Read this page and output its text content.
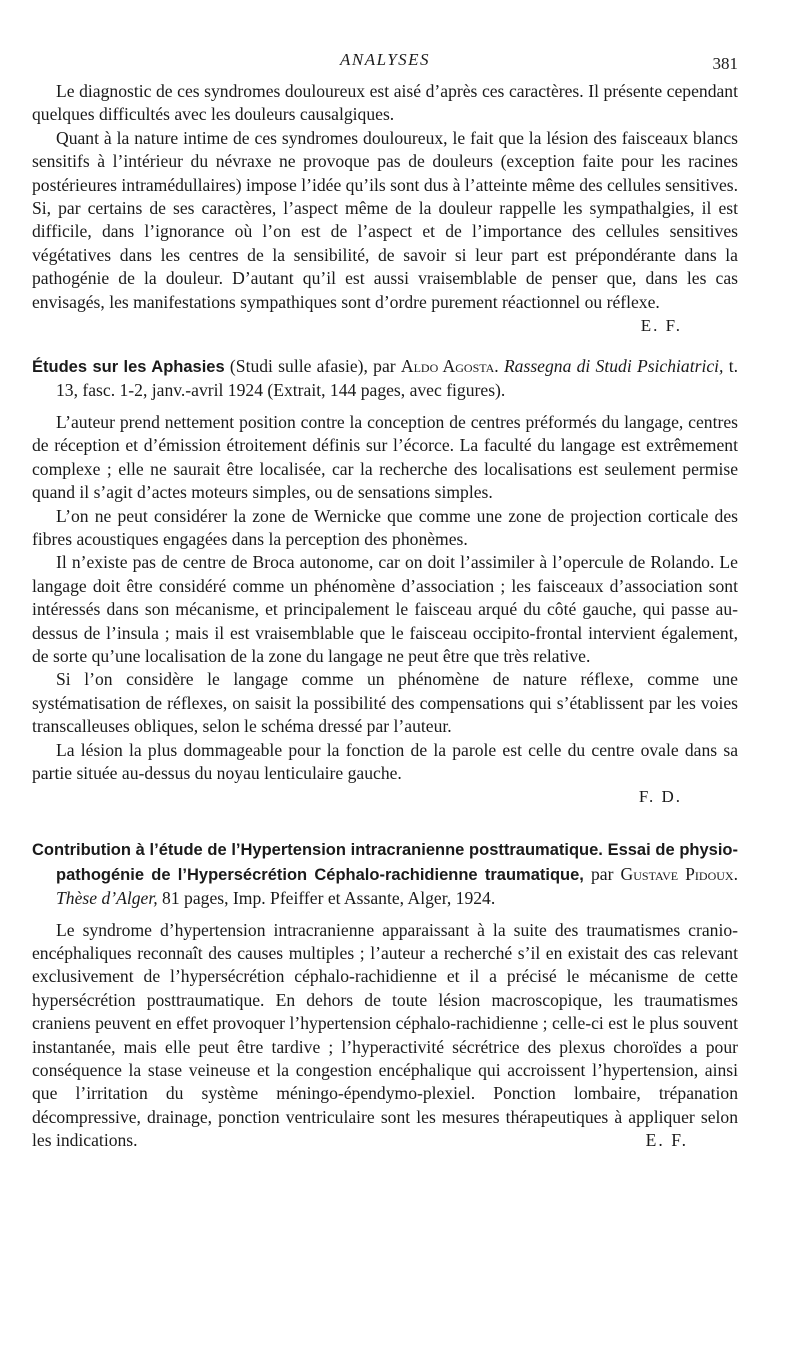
ANALYSES	381

Le diagnostic de ces syndromes douloureux est aisé d’après ces caractères. Il présente cependant quelques difficultés avec les douleurs causalgiques.

Quant à la nature intime de ces syndromes douloureux, le fait que la lésion des faisceaux blancs sensitifs à l’intérieur du névraxe ne provoque pas de douleurs (exception faite pour les racines postérieures intramédullaires) impose l’idée qu’ils sont dus à l’atteinte même des cellules sensitives. Si, par certains de ses caractères, l’aspect même de la douleur rappelle les sympathalgies, il est difficile, dans l’ignorance où l’on est de l’aspect et de l’importance des cellules sensitives végétatives dans les centres de la sensibilité, de savoir si leur part est prépondérante dans la pathogénie de la douleur. D’autant qu’il est aussi vraisemblable de penser que, dans les cas envisagés, les manifestations sympathiques sont d’ordre purement réactionnel ou réflexe.

E. F.

Études sur les Aphasies (Studi sulle afasie), par Aldo Agosta. Rassegna di Studi Psichiatrici, t. 13, fasc. 1-2, janv.-avril 1924 (Extrait, 144 pages, avec figures).

L’auteur prend nettement position contre la conception de centres préformés du langage, centres de réception et d’émission étroitement définis sur l’écorce. La faculté du langage est extrêmement complexe ; elle ne saurait être localisée, car la recherche des localisations est seulement permise quand il s’agit d’actes moteurs simples, ou de sensations simples.

L’on ne peut considérer la zone de Wernicke que comme une zone de projection corticale des fibres acoustiques engagées dans la perception des phonèmes.

Il n’existe pas de centre de Broca autonome, car on doit l’assimiler à l’opercule de Rolando. Le langage doit être considéré comme un phénomène d’association ; les faisceaux d’association sont intéressés dans son mécanisme, et principalement le faisceau arqué du côté gauche, qui passe au-dessus de l’insula ; mais il est vraisemblable que le faisceau occipito-frontal intervient également, de sorte qu’une localisation de la zone du langage ne peut être que très relative.

Si l’on considère le langage comme un phénomène de nature réflexe, comme une systématisation de réflexes, on saisit la possibilité des compensations qui s’établissent par les voies transcalleuses obliques, selon le schéma dressé par l’auteur.

La lésion la plus dommageable pour la fonction de la parole est celle du centre ovale dans sa partie située au-dessus du noyau lenticulaire gauche.

F. D.

Contribution à l’étude de l’Hypertension intracranienne posttraumatique. Essai de physio-pathogénie de l’Hypersécrétion Céphalo-rachidienne traumatique, par Gustave Pidoux. Thèse d’Alger, 81 pages, Imp. Pfeiffer et Assante, Alger, 1924.

Le syndrome d’hypertension intracranienne apparaissant à la suite des traumatismes cranio-encéphaliques reconnaît des causes multiples ; l’auteur a recherché s’il en existait des cas relevant exclusivement de l’hypersécrétion céphalo-rachidienne et il a précisé le mécanisme de cette hypersécrétion posttraumatique. En dehors de toute lésion macroscopique, les traumatismes craniens peuvent en effet provoquer l’hypertension céphalo-rachidienne ; celle-ci est le plus souvent instantanée, mais elle peut être tardive ; l’hyperactivité sécrétrice des plexus choroïdes a pour conséquence la stase veineuse et la congestion encéphalique qui accroissent l’hypertension, ainsi que l’irritation du système méningo-épendymo-plexiel. Ponction lombaire, trépanation décompressive, drainage, ponction ventriculaire sont les mesures thérapeutiques à appliquer selon les indications.	E. F.
